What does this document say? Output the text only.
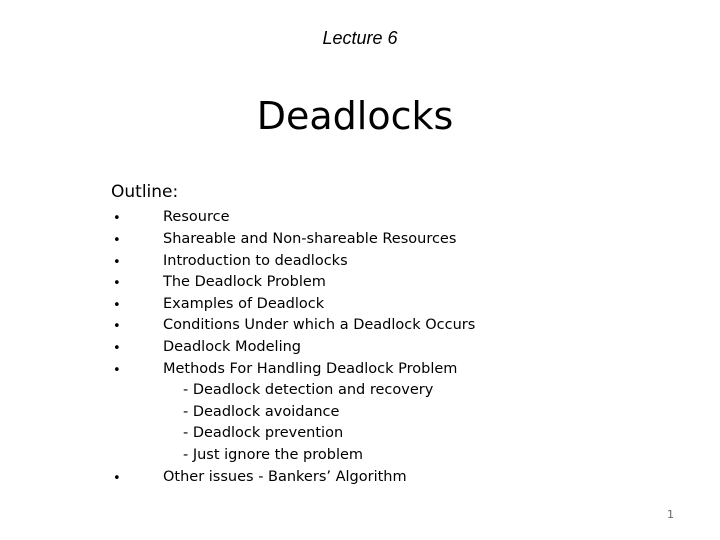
Lecture 6
Deadlocks
Outline:
•
•
•
•
•
•
•
•
•
Resource
Shareable and Non-shareable Resources
Introduction to deadlocks
The Deadlock Problem
Examples of Deadlock
Conditions Under which a Deadlock Occurs
Deadlock Modeling
Methods For Handling Deadlock Problem
- Deadlock detection and recovery
- Deadlock avoidance
- Deadlock prevention
- Just ignore the problem
Other issues - Bankers’ Algorithm
1
